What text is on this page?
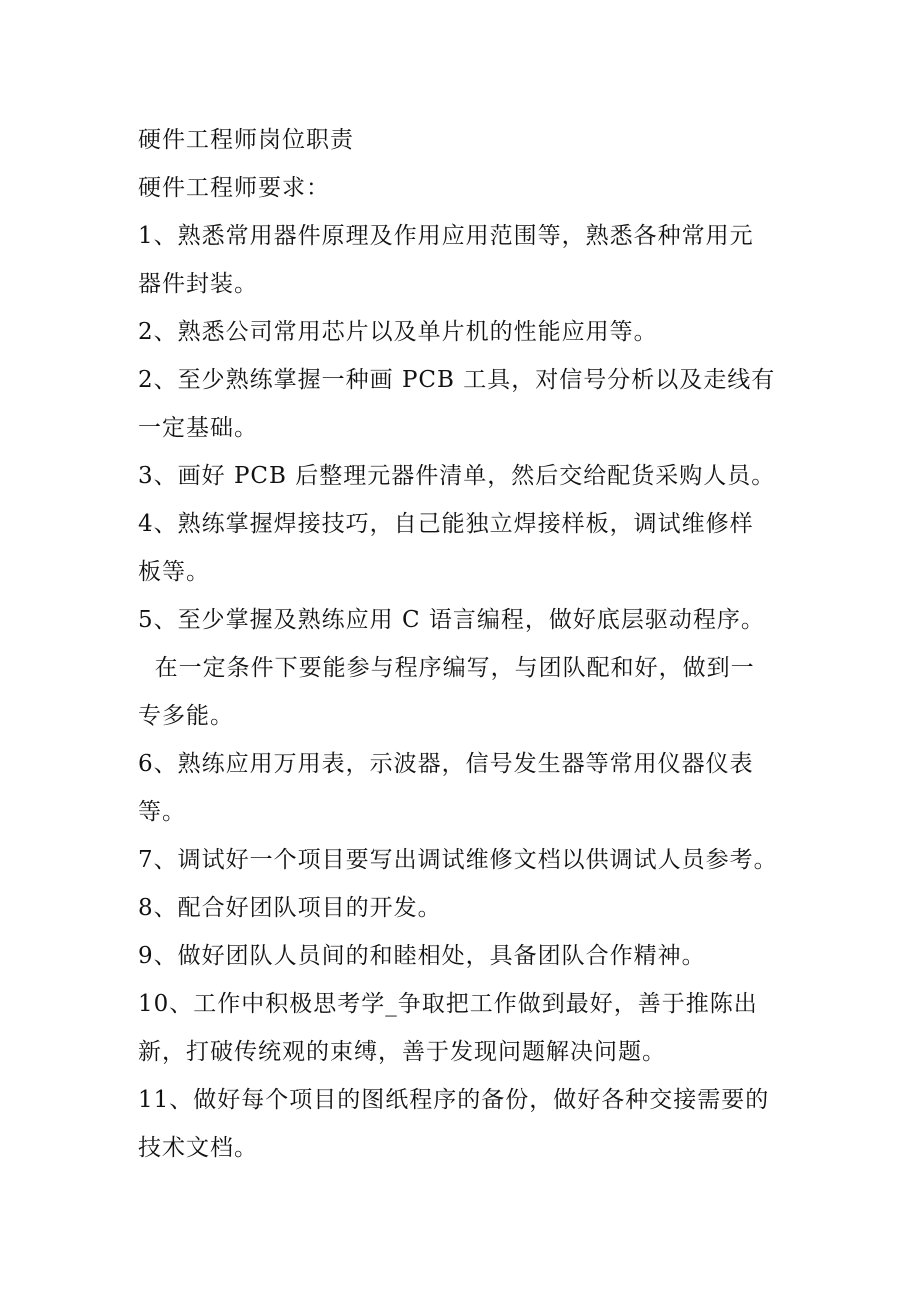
硬件工程师岗位职责

硬件工程师要求：

1、熟悉常用器件原理及作用应用范围等，熟悉各种常用元

器件封装。

2、熟悉公司常用芯片以及单片机的性能应用等。

2、至少熟练掌握一种画 PCB 工具，对信号分析以及走线有

一定基础。

3、画好 PCB 后整理元器件清单，然后交给配货采购人员。

4、熟练掌握焊接技巧，自己能独立焊接样板，调试维修样

板等。

5、至少掌握及熟练应用 C 语言编程，做好底层驱动程序。

在一定条件下要能参与程序编写，与团队配和好，做到一

专多能。

6、熟练应用万用表，示波器，信号发生器等常用仪器仪表

等。

7、调试好一个项目要写出调试维修文档以供调试人员参考。

8、配合好团队项目的开发。

9、做好团队人员间的和睦相处，具备团队合作精神。

10、工作中积极思考学_争取把工作做到最好，善于推陈出

新，打破传统观的束缚，善于发现问题解决问题。

11、做好每个项目的图纸程序的备份，做好各种交接需要的

技术文档。
